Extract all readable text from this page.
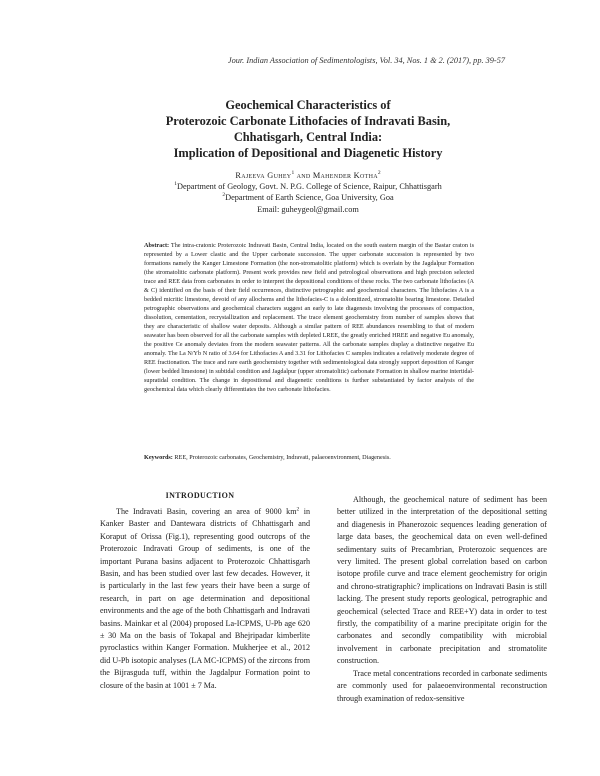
Jour. Indian Association of Sedimentologists, Vol. 34, Nos. 1 & 2. (2017), pp. 39-57
Geochemical Characteristics of
Proterozoic Carbonate Lithofacies of Indravati Basin,
Chhatisgarh, Central India:
Implication of Depositional and Diagenetic History
Rajeeva Guhey$^1$ and Mahender Kotha$^2$
$^1$Department of Geology, Govt. N. P.G. College of Science, Raipur, Chhattisgarh
$^2$Department of Earth Science, Goa University, Goa
Email: guheygeol@gmail.com
Abstract: The intra-cratonic Proterozoic Indravati Basin, Central India, located on the south eastern margin of the Bastar craton is represented by a Lower clastic and the Upper carbonate succession. The upper carbonate succession is represented by two formations namely the Kanger Limestone Formation (the non-stromatolitic platform) which is overlain by the Jagdalpur Formation (the stromatolitic carbonate platform). Present work provides new field and petrological observations and high precision selected trace and REE data from carbonates in order to interpret the depositional conditions of these rocks. The two carbonate lithofacies (A & C) identified on the basis of their field occurrences, distinctive petrographic and geochemical characters. The lithofacies A is a bedded micritic limestone, devoid of any allochems and the lithofacies-C is a dolomitized, stromatolite bearing limestone. Detailed petrographic observations and geochemical characters suggest an early to late diagenesis involving the processes of compaction, dissolution, cementation, recrystallization and replacement. The trace element geochemistry from number of samples shows that they are characteristic of shallow water deposits. Although a similar pattern of REE abundances resembling to that of modern seawater has been observed for all the carbonate samples with depleted LREE, the greatly enriched HREE and negative Eu anomaly, the positive Ce anomaly deviates from the modern seawater patterns. All the carbonate samples display a distinctive negative Eu anomaly. The La N/Yb N ratio of 3.64 for Lithofacies A and 3.31 for Lithofacies C samples indicates a relatively moderate degree of REE fractionation. The trace and rare earth geochemistry together with sedimentological data strongly support deposition of Kanger (lower bedded limestone) in subtidal condition and Jagdalpur (upper stromatolitic) carbonate Formation in shallow marine intertidal-supratidal condition. The change in depositional and diagenetic conditions is further substantiated by factor analysis of the geochemical data which clearly differentiates the two carbonate lithofacies.
Keywords: REE, Proterozoic carbonates, Geochemistry, Indravati, palaeoenvironment, Diagenesis.
INTRODUCTION

The Indravati Basin, covering an area of 9000 $km^2$ in Kanker Baster and Dantewara districts of Chhattisgarh and Koraput of Orissa (Fig.1), representing good outcrops of the Proterozoic Indravati Group of sediments, is one of the important Purana basins adjacent to Proterozoic Chhattisgarh Basin, and has been studied over last few decades. However, it is particularly in the last few years their have been a surge of research, in part on age determination and depositional environments and the age of the both Chhattisgarh and Indravati basins. Mainkar et al (2004) proposed La-ICPMS, U-Pb age 620 ± 30 Ma on the basis of Tokapal and Bhejripadar kimberlite pyroclastics within Kanger Formation. Mukherjee et al., 2012 did U-Pb isotopic analyses (LA MC-ICPMS) of the zircons from the Bijrasguda tuff, within the Jagdalpur Formation point to closure of the basin at 1001 ± 7 Ma.

Although, the geochemical nature of sediment has been better utilized in the interpretation of the depositional setting and diagenesis in Phanerozoic sequences leading generation of large data bases, the geochemical data on even well-defined sedimentary suits of Precambrian, Proterozoic sequences are very limited. The present global correlation based on carbon isotope profile curve and trace element geochemistry for origin and chrono-stratigraphic? implications on Indravati Basin is still lacking. The present study reports geological, petrographic and geochemical (selected Trace and REE+Y) data in order to test firstly, the compatibility of a marine precipitate origin for the carbonates and secondly compatibility with microbial involvement in carbonate precipitation and stromatolite construction.

Trace metal concentrations recorded in carbonate sediments are commonly used for palaeoenvironmental reconstruction through examination of redox-sensitive
